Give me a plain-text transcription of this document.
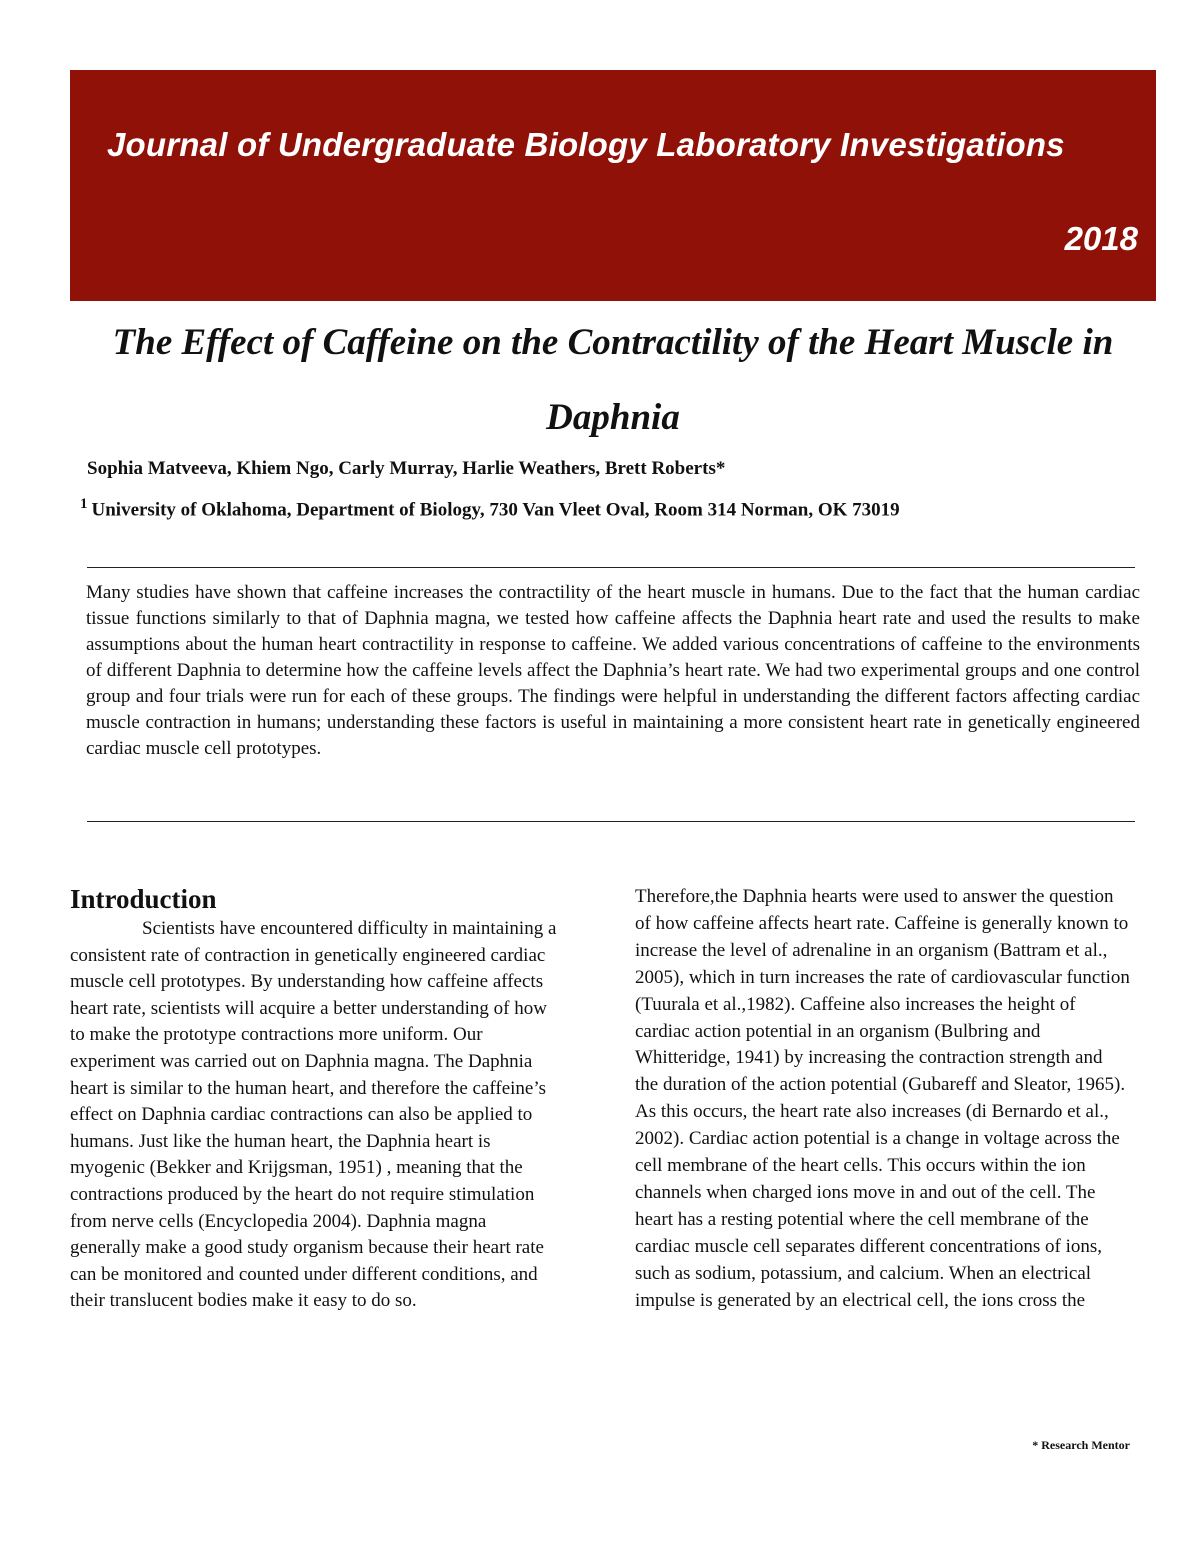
Journal of Undergraduate Biology Laboratory Investigations
2018
The Effect of Caffeine on the Contractility of the Heart Muscle in Daphnia
Sophia Matveeva, Khiem Ngo, Carly Murray, Harlie Weathers, Brett Roberts*
$^1$ University of Oklahoma, Department of Biology, 730 Van Vleet Oval, Room 314 Norman, OK 73019

Many studies have shown that caffeine increases the contractility of the heart muscle in humans. Due to the fact that the human cardiac tissue functions similarly to that of Daphnia magna, we tested how caffeine affects the Daphnia heart rate and used the results to make assumptions about the human heart contractility in response to caffeine. We added various concentrations of caffeine to the environments of different Daphnia to determine how the caffeine levels affect the Daphnia’s heart rate. We had two experimental groups and one control group and four trials were run for each of these groups. The findings were helpful in understanding the different factors affecting cardiac muscle contraction in humans; understanding these factors is useful in maintaining a more consistent heart rate in genetically engineered cardiac muscle cell prototypes.

Introduction

Scientists have encountered difficulty in maintaining a consistent rate of contraction in genetically engineered cardiac muscle cell prototypes. By understanding how caffeine affects heart rate, scientists will acquire a better understanding of how to make the prototype contractions more uniform. Our experiment was carried out on Daphnia magna. The Daphnia heart is similar to the human heart, and therefore the caffeine’s effect on Daphnia cardiac contractions can also be applied to humans. Just like the human heart, the Daphnia heart is myogenic (Bekker and Krijgsman, 1951) , meaning that the contractions produced by the heart do not require stimulation from nerve cells (Encyclopedia 2004). Daphnia magna generally make a good study organism because their heart rate can be monitored and counted under different conditions, and their translucent bodies make it easy to do so.

Therefore,the Daphnia hearts were used to answer the question of how caffeine affects heart rate. Caffeine is generally known to increase the level of adrenaline in an organism (Battram et al., 2005), which in turn increases the rate of cardiovascular function (Tuurala et al.,1982). Caffeine also increases the height of cardiac action potential in an organism (Bulbring and Whitteridge, 1941) by increasing the contraction strength and the duration of the action potential (Gubareff and Sleator, 1965). As this occurs, the heart rate also increases (di Bernardo et al., 2002). Cardiac action potential is a change in voltage across the cell membrane of the heart cells. This occurs within the ion channels when charged ions move in and out of the cell. The heart has a resting potential where the cell membrane of the cardiac muscle cell separates different concentrations of ions, such as sodium, potassium, and calcium. When an electrical impulse is generated by an electrical cell, the ions cross the

* Research Mentor
